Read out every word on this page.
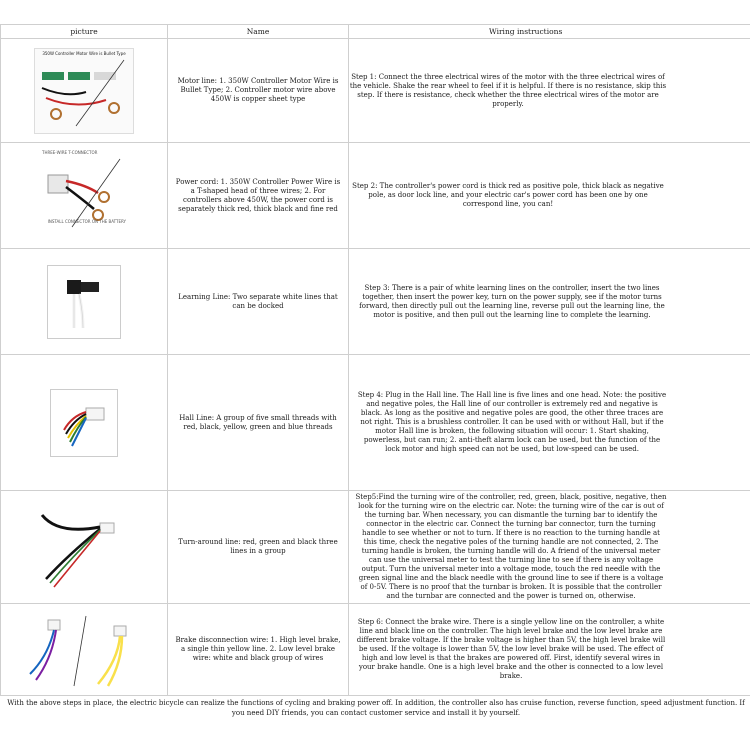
picture	Name	Wiring instructions

350W Controller Motor Wire is Bullet Type	Motor line: 1. 350W Controller Motor Wire is Bullet Type; 2. Controller motor wire above 450W is copper sheet type	Step 1: Connect the three electrical wires of the motor with the three electrical wires of the vehicle. Shake the rear wheel to feel if it is helpful. If there is no resistance, skip this step. If there is resistance, check whether the three electrical wires of the motor are properly.

THREE-WIRE T-CONNECTOR
INSTALL CONNECTOR ON THE BATTERY	Power cord: 1. 350W Controller Power Wire is a T-shaped head of three wires; 2. For controllers above 450W, the power cord is separately thick red, thick black and fine red	Step 2: The controller's power cord is thick red as positive pole, thick black as negative pole, as door lock line, and your electric car's power cord has been one by one correspond line, you can!

	Learning Line: Two separate white lines that can be docked	Step 3: There is a pair of white learning lines on the controller, insert the two lines together, then insert the power key, turn on the power supply, see if the motor turns forward, then directly pull out the learning line, reverse pull out the learning line, the motor is positive, and then pull out the learning line to complete the learning.

	Hall Line: A group of five small threads with red, black, yellow, green and blue threads	Step 4: Plug in the Hall line. The Hall line is five lines and one head. Note: the positive and negative poles, the Hall line of our controller is extremely red and negative is black. As long as the positive and negative poles are good, the other three traces are not right. This is a brushless controller. It can be used with or without Hall, but if the motor Hall line is broken, the following situation will occur: 1. Start shaking, powerless, but can run; 2. anti-theft alarm lock can be used, but the function of the lock motor and high speed can not be used, but low-speed can be used.

	Turn-around line: red, green and black three lines in a group	Step5:Find the turning wire of the controller, red, green, black, positive, negative, then look for the turning wire on the electric car. Note: the turning wire of the car is out of the turning bar. When necessary, you can dismantle the turning bar to identify the connector in the electric car. Connect the turning bar connector, turn the turning handle to see whether or not to turn. If there is no reaction to the turning handle at this time, check the negative poles of the turning handle are not connected, 2. The turning handle is broken, the turning handle will do. A friend of the universal meter can use the universal meter to test the turning line to see if there is any voltage output. Turn the universal meter into a voltage mode, touch the red needle with the green signal line and the black needle with the ground line to see if there is a voltage of 0-5V. There is no proof that the turnbar is broken. It is possible that the controller and the turnbar are connected and the power is turned on, otherwise.

	Brake disconnection wire: 1. High level brake, a single thin yellow line. 2. Low level brake wire: white and black group of wires	Step 6: Connect the brake wire. There is a single yellow line on the controller, a white line and black line on the controller. The high level brake and the low level brake are different brake voltage. If the brake voltage is higher than 5V, the high level brake will be used. If the voltage is lower than 5V, the low level brake will be used. The effect of high and low level is that the brakes are powered off. First, identify several wires in your brake handle. One is a high level brake and the other is connected to a low level brake.
With the above steps in place, the electric bicycle can realize the functions of cycling and braking power off. In addition, the controller also has cruise function, reverse function, speed adjustment function. If you need DIY friends, you can contact customer service and install it by yourself.
